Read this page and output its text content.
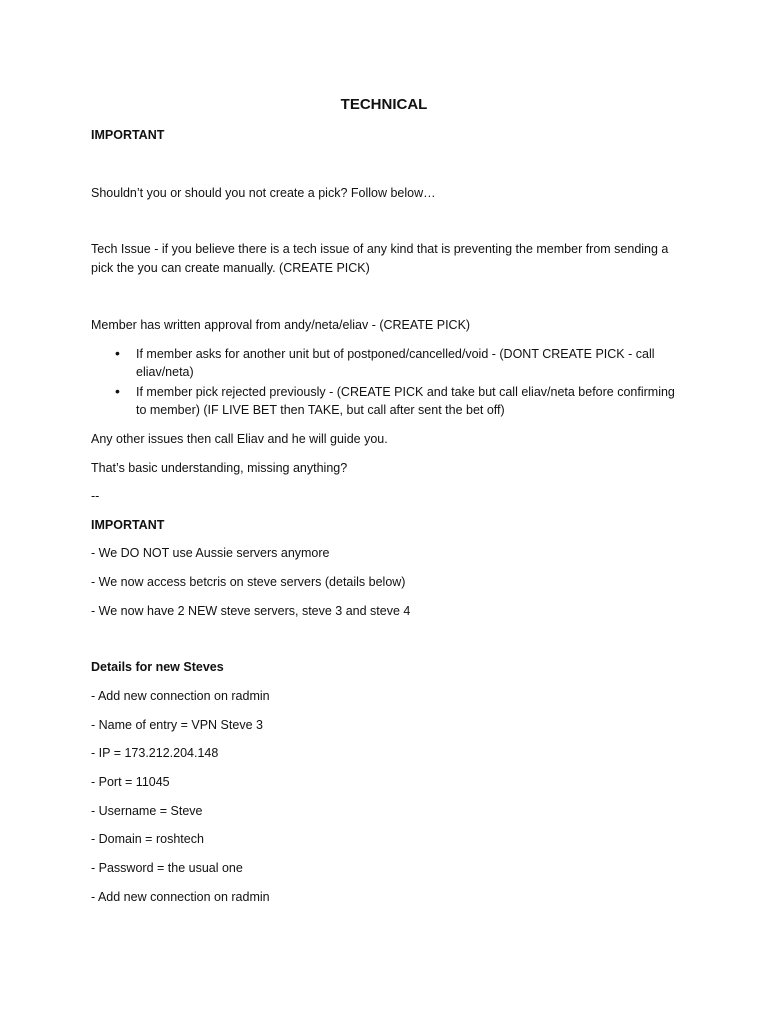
TECHNICAL
IMPORTANT
Shouldn’t you or should you not create a pick? Follow below…
Tech Issue - if you believe there is a tech issue of any kind that is preventing the member from sending a
pick the you can create manually. (CREATE PICK)
Member has written approval from andy/neta/eliav - (CREATE PICK)
• If member asks for another unit but of postponed/cancelled/void - (DONT CREATE PICK - call
eliav/neta)
• If member pick rejected previously - (CREATE PICK and take but call eliav/neta before confirming
to member) (IF LIVE BET then TAKE, but call after sent the bet off)
Any other issues then call Eliav and he will guide you.
That’s basic understanding, missing anything?
--
IMPORTANT
- We DO NOT use Aussie servers anymore
- We now access betcris on steve servers (details below)
- We now have 2 NEW steve servers, steve 3 and steve 4
Details for new Steves
- Add new connection on radmin
- Name of entry = VPN Steve 3
- IP = 173.212.204.148
- Port = 11045
- Username = Steve
- Domain = roshtech
- Password = the usual one
- Add new connection on radmin
